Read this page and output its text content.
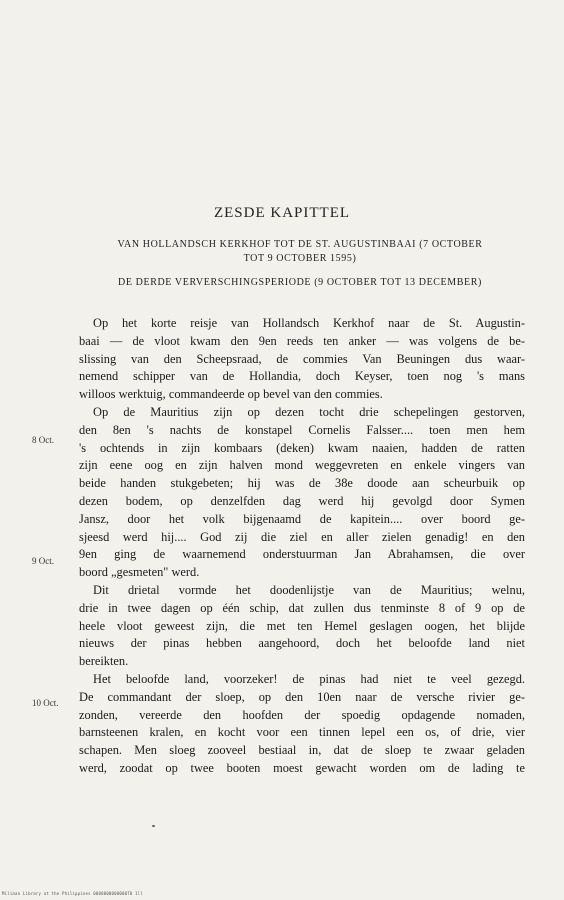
ZESDE KAPITTEL
VAN HOLLANDSCH KERKHOF TOT DE ST. AUGUSTINBAAI (7 OCTOBER
TOT 9 OCTOBER 1595)
DE DERDE VERVERSCHINGSPERIODE (9 OCTOBER TOT 13 DECEMBER)
Op het korte reisje van Hollandsch Kerkhof naar de St. Augustin-
baai — de vloot kwam den 9en reeds ten anker — was volgens de be-
slissing van den Scheepsraad, de commies Van Beuningen dus waar-
nemend schipper van de Hollandia, doch Keyser, toen nog 's mans
willoos werktuig, commandeerde op bevel van den commies.
Op de Mauritius zijn op dezen tocht drie schepelingen gestorven,
den 8en 's nachts de konstapel Cornelis Falsser.... toen men hem
's ochtends in zijn kombaars (deken) kwam naaien, hadden de ratten
zijn eene oog en zijn halven mond weggevreten en enkele vingers van
beide handen stukgebeten; hij was de 38e doode aan scheurbuik op
dezen bodem, op denzelfden dag werd hij gevolgd door Symen
Jansz, door het volk bijgenaamd de kapitein.... over boord ge-
sjeesd werd hij.... God zij die ziel en aller zielen genadig! en den
9en ging de waarnemend onderstuurman Jan Abrahamsen, die over
boord „gesmeten" werd.
Dit drietal vormde het doodenlijstje van de Mauritius; welnu,
drie in twee dagen op één schip, dat zullen dus tenminste 8 of 9 op de
heele vloot geweest zijn, die met ten Hemel geslagen oogen, het blijde
nieuws der pinas hebben aangehoord, doch het beloofde land niet
bereikten.
Het beloofde land, voorzeker! de pinas had niet te veel gezegd.
De commandant der sloep, op den 10en naar de versche rivier ge-
zonden, vereerde den hoofden der spoedig opdagende nomaden,
barnsteenen kralen, en kocht voor een tinnen lepel een os, of drie, vier
schapen. Men sloeg zooveel bestiaal in, dat de sloep te zwaar geladen
werd, zoodat op twee booten moest gewacht worden om de lading te
8 Oct.
9 Oct.
10 Oct.
Miliaan Library at the Philippines 0000000000000T0 1ll
